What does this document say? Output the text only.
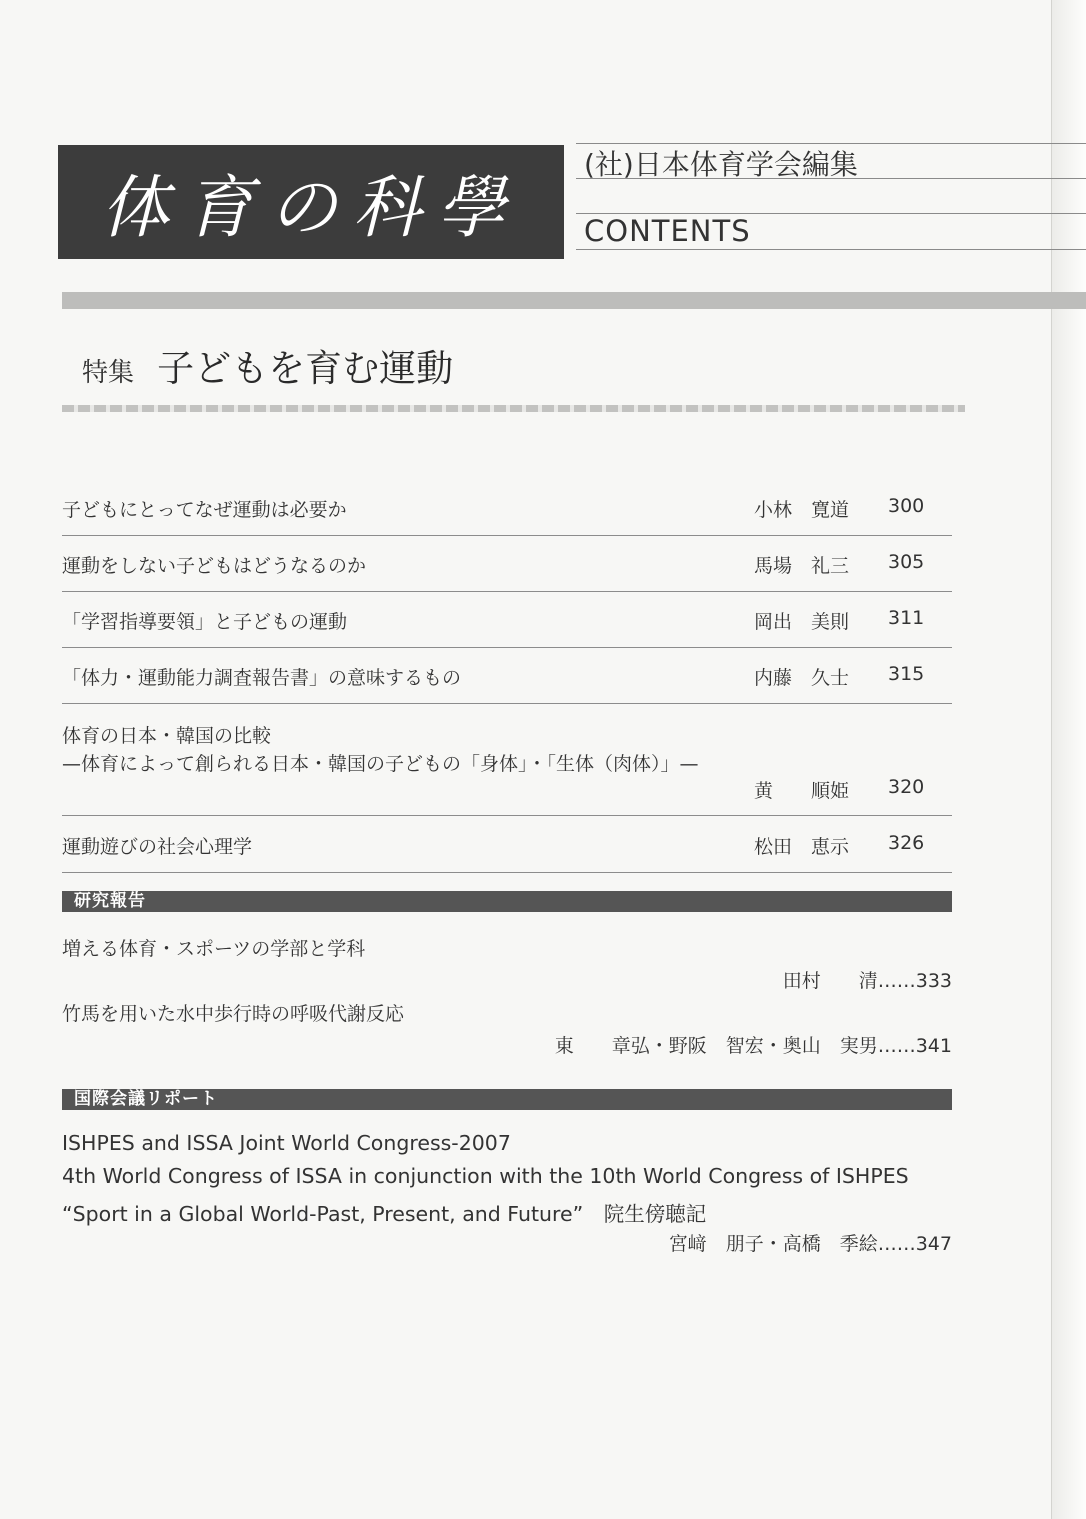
体育の科學
(社)日本体育学会編集
CONTENTS
特集 子どもを育む運動
子どもにとってなぜ運動は必要か	小林　寛道 300
運動をしない子どもはどうなるのか	馬場　礼三 305
「学習指導要領」と子どもの運動	岡出　美則 311
「体力・運動能力調査報告書」の意味するもの	内藤　久士 315
体育の日本・韓国の比較
—体育によって創られる日本・韓国の子どもの「身体」・「生体（肉体）」—
黄　　順姫 320
運動遊びの社会心理学	松田　恵示 326
研究報告
増える体育・スポーツの学部と学科
田村　　清……333
竹馬を用いた水中歩行時の呼吸代謝反応
東　　章弘・野阪　智宏・奥山　実男……341
国際会議リポート
ISHPES and ISSA Joint World Congress-2007
4th World Congress of ISSA in conjunction with the 10th World Congress of ISHPES
“Sport in a Global World-Past, Present, and Future”　院生傍聴記
宮﨑　朋子・高橋　季絵……347
